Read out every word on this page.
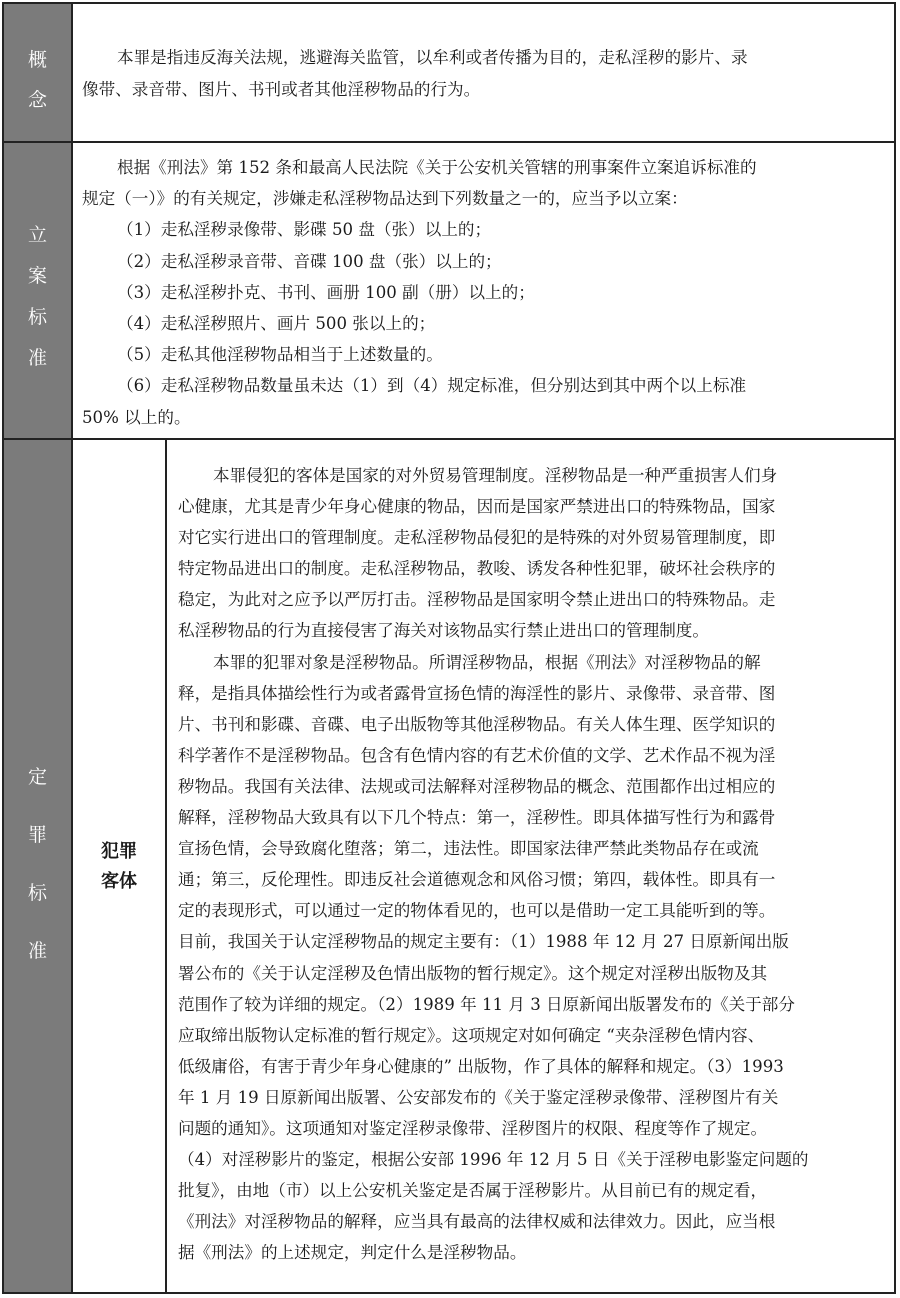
概
念
本罪是指违反海关法规，逃避海关监管，以牟利或者传播为目的，走私淫秽的影片、录
像带、录音带、图片、书刊或者其他淫秽物品的行为。
立
案
标
准
根据《刑法》第 152 条和最高人民法院《关于公安机关管辖的刑事案件立案追诉标准的
规定（一）》的有关规定，涉嫌走私淫秽物品达到下列数量之一的，应当予以立案：
（1）走私淫秽录像带、影碟 50 盘（张）以上的；
（2）走私淫秽录音带、音碟 100 盘（张）以上的；
（3）走私淫秽扑克、书刊、画册 100 副（册）以上的；
（4）走私淫秽照片、画片 500 张以上的；
（5）走私其他淫秽物品相当于上述数量的。
（6）走私淫秽物品数量虽未达（1）到（4）规定标准，但分别达到其中两个以上标准
50% 以上的。
定
罪
标
准
犯罪
客体
本罪侵犯的客体是国家的对外贸易管理制度。淫秽物品是一种严重损害人们身
心健康，尤其是青少年身心健康的物品，因而是国家严禁进出口的特殊物品，国家
对它实行进出口的管理制度。走私淫秽物品侵犯的是特殊的对外贸易管理制度，即
特定物品进出口的制度。走私淫秽物品，教唆、诱发各种性犯罪，破坏社会秩序的
稳定，为此对之应予以严厉打击。淫秽物品是国家明令禁止进出口的特殊物品。走
私淫秽物品的行为直接侵害了海关对该物品实行禁止进出口的管理制度。
本罪的犯罪对象是淫秽物品。所谓淫秽物品，根据《刑法》对淫秽物品的解
释，是指具体描绘性行为或者露骨宣扬色情的海淫性的影片、录像带、录音带、图
片、书刊和影碟、音碟、电子出版物等其他淫秽物品。有关人体生理、医学知识的
科学著作不是淫秽物品。包含有色情内容的有艺术价值的文学、艺术作品不视为淫
秽物品。我国有关法律、法规或司法解释对淫秽物品的概念、范围都作出过相应的
解释，淫秽物品大致具有以下几个特点：第一，淫秽性。即具体描写性行为和露骨
宣扬色情，会导致腐化堕落；第二，违法性。即国家法律严禁此类物品存在或流
通；第三，反伦理性。即违反社会道德观念和风俗习惯；第四，载体性。即具有一
定的表现形式，可以通过一定的物体看见的，也可以是借助一定工具能听到的等。
目前，我国关于认定淫秽物品的规定主要有：（1）1988 年 12 月 27 日原新闻出版
署公布的《关于认定淫秽及色情出版物的暂行规定》。这个规定对淫秽出版物及其
范围作了较为详细的规定。（2）1989 年 11 月 3 日原新闻出版署发布的《关于部分
应取缔出版物认定标准的暂行规定》。这项规定对如何确定 “夹杂淫秽色情内容、
低级庸俗，有害于青少年身心健康的” 出版物，作了具体的解释和规定。（3）1993
年 1 月 19 日原新闻出版署、公安部发布的《关于鉴定淫秽录像带、淫秽图片有关
问题的通知》。这项通知对鉴定淫秽录像带、淫秽图片的权限、程度等作了规定。
（4）对淫秽影片的鉴定，根据公安部 1996 年 12 月 5 日《关于淫秽电影鉴定问题的
批复》，由地（市）以上公安机关鉴定是否属于淫秽影片。从目前已有的规定看，
《刑法》对淫秽物品的解释，应当具有最高的法律权威和法律效力。因此，应当根
据《刑法》的上述规定，判定什么是淫秽物品。
